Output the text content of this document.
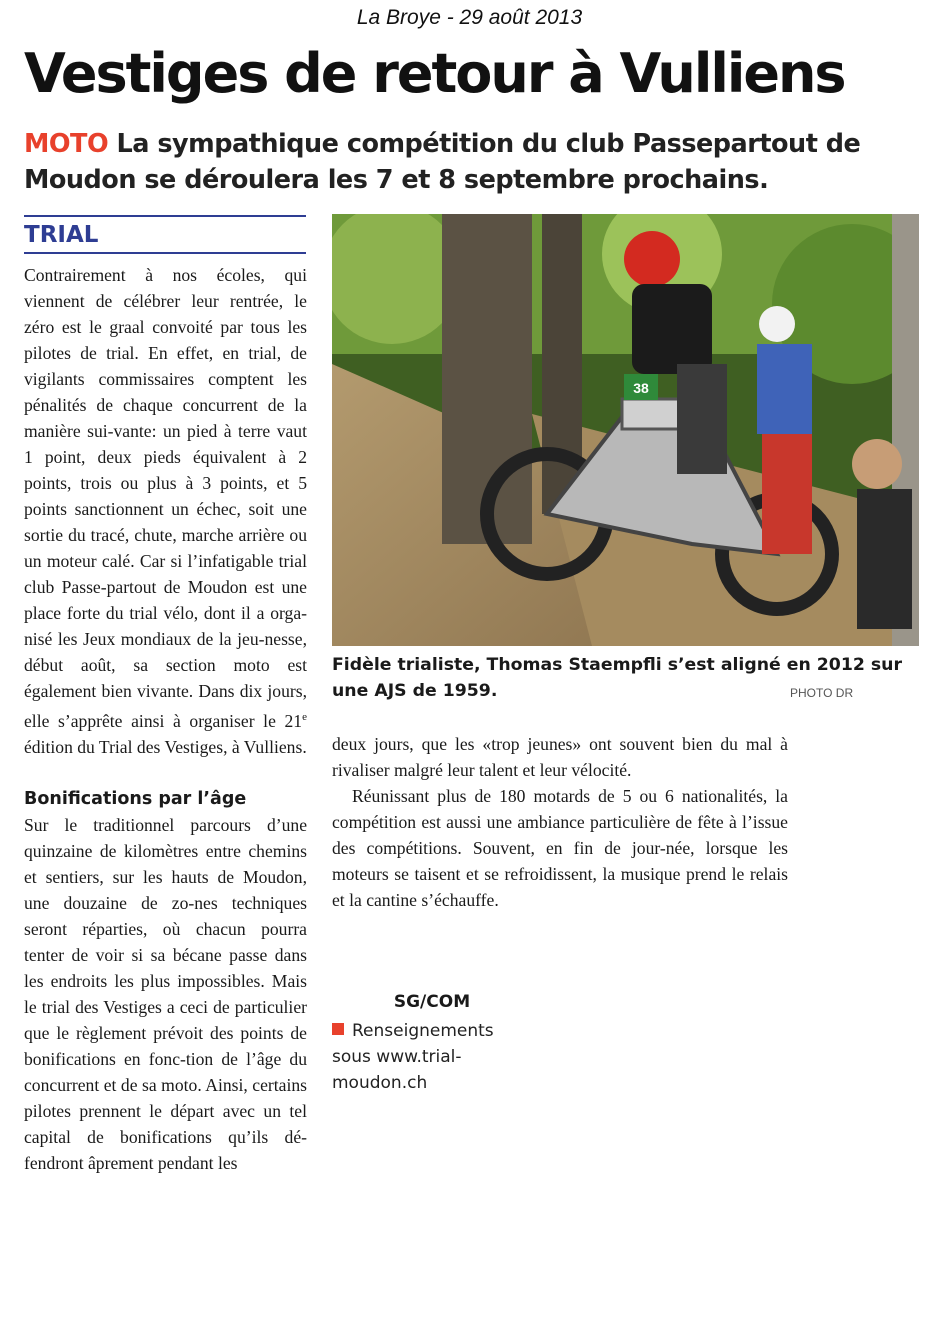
La Broye - 29 août 2013
Vestiges de retour à Vulliens
MOTO La sympathique compétition du club Passepartout de Moudon se déroulera les 7 et 8 septembre prochains.
TRIAL

Contrairement à nos écoles, qui viennent de célébrer leur rentrée, le zéro est le graal convoité par tous les pilotes de trial. En effet, en trial, de vigilants commissaires comptent les pénalités de chaque concurrent de la manière sui-vante: un pied à terre vaut 1 point, deux pieds équivalent à 2 points, trois ou plus à 3 points, et 5 points sanctionnent un échec, soit une sortie du tracé, chute, marche arrière ou un moteur calé. Car si l’infatigable trial club Passe-partout de Moudon est une place forte du trial vélo, dont il a orga-nisé les Jeux mondiaux de la jeu-nesse, début août, sa section moto est également bien vivante. Dans dix jours, elle s’apprête ainsi à organiser le 21e édition du Trial des Vestiges, à Vulliens.

Bonifications par l’âge

Sur le traditionnel parcours d’une quinzaine de kilomètres entre chemins et sentiers, sur les hauts de Moudon, une douzaine de zo-nes techniques seront réparties, où chacun pourra tenter de voir si sa bécane passe dans les endroits les plus impossibles. Mais le trial des Vestiges a ceci de particulier que le règlement prévoit des points de bonifications en fonc-tion de l’âge du concurrent et de sa moto. Ainsi, certains pilotes prennent le départ avec un tel capital de bonifications qu’ils dé-fendront âprement pendant les

38
Fidèle trialiste, Thomas Staempfli s’est aligné en 2012 sur une AJS de 1959.	PHOTO DR

deux jours, que les «trop jeunes» ont souvent bien du mal à rivaliser malgré leur talent et leur vélocité.

Réunissant plus de 180 motards de 5 ou 6 nationalités, la compétition est aussi une ambiance particulière de fête à l’issue des compétitions. Souvent, en fin de jour-née, lorsque les moteurs se taisent et se refroidissent, la musique prend le relais et la cantine s’échauffe.

SG/COM
Renseignements sous www.trial-moudon.ch
